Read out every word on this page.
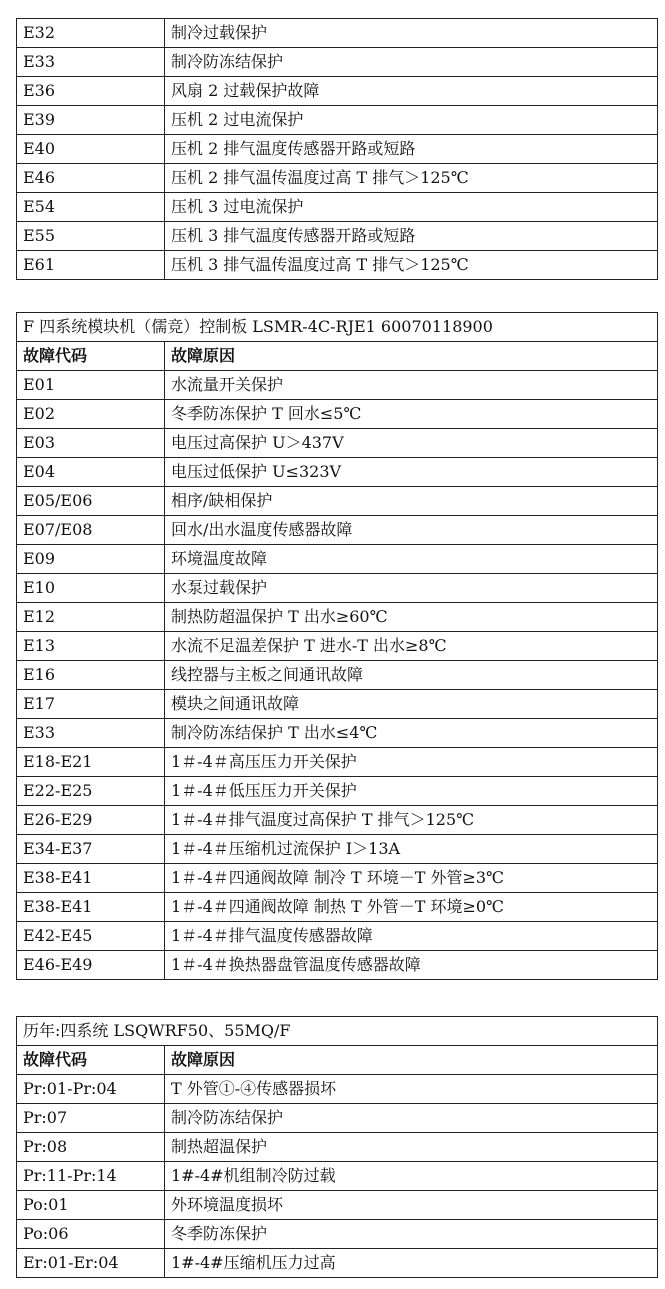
E32	制冷过载保护
E33	制冷防冻结保护
E36	风扇 2 过载保护故障
E39	压机 2 过电流保护
E40	压机 2 排气温度传感器开路或短路
E46	压机 2 排气温传温度过高 T 排气＞125℃
E54	压机 3 过电流保护
E55	压机 3 排气温度传感器开路或短路
E61	压机 3 排气温传温度过高 T 排气＞125℃
F 四系统模块机（儒竞）控制板 LSMR-4C-RJE1 60070118900	
故障代码	故障原因
E01	水流量开关保护
E02	冬季防冻保护 T 回水≤5℃
E03	电压过高保护 U＞437V
E04	电压过低保护 U≤323V
E05/E06	相序/缺相保护
E07/E08	回水/出水温度传感器故障
E09	环境温度故障
E10	水泵过载保护
E12	制热防超温保护 T 出水≥60℃
E13	水流不足温差保护 T 进水-T 出水≥8℃
E16	线控器与主板之间通讯故障
E17	模块之间通讯故障
E33	制冷防冻结保护 T 出水≤4℃
E18-E21	1＃-4＃高压压力开关保护
E22-E25	1＃-4＃低压压力开关保护
E26-E29	1＃-4＃排气温度过高保护 T 排气＞125℃
E34-E37	1＃-4＃压缩机过流保护 I＞13A
E38-E41	1＃-4＃四通阀故障 制冷 T 环境－T 外管≥3℃
E38-E41	1＃-4＃四通阀故障 制热 T 外管－T 环境≥0℃
E42-E45	1＃-4＃排气温度传感器故障
E46-E49	1＃-4＃换热器盘管温度传感器故障
历年:四系统 LSQWRF50、55MQ/F	
故障代码	故障原因
Pr:01-Pr:04	T 外管①-④传感器损坏
Pr:07	制冷防冻结保护
Pr:08	制热超温保护
Pr:11-Pr:14	1#-4#机组制冷防过载
Po:01	外环境温度损坏
Po:06	冬季防冻保护
Er:01-Er:04	1#-4#压缩机压力过高
